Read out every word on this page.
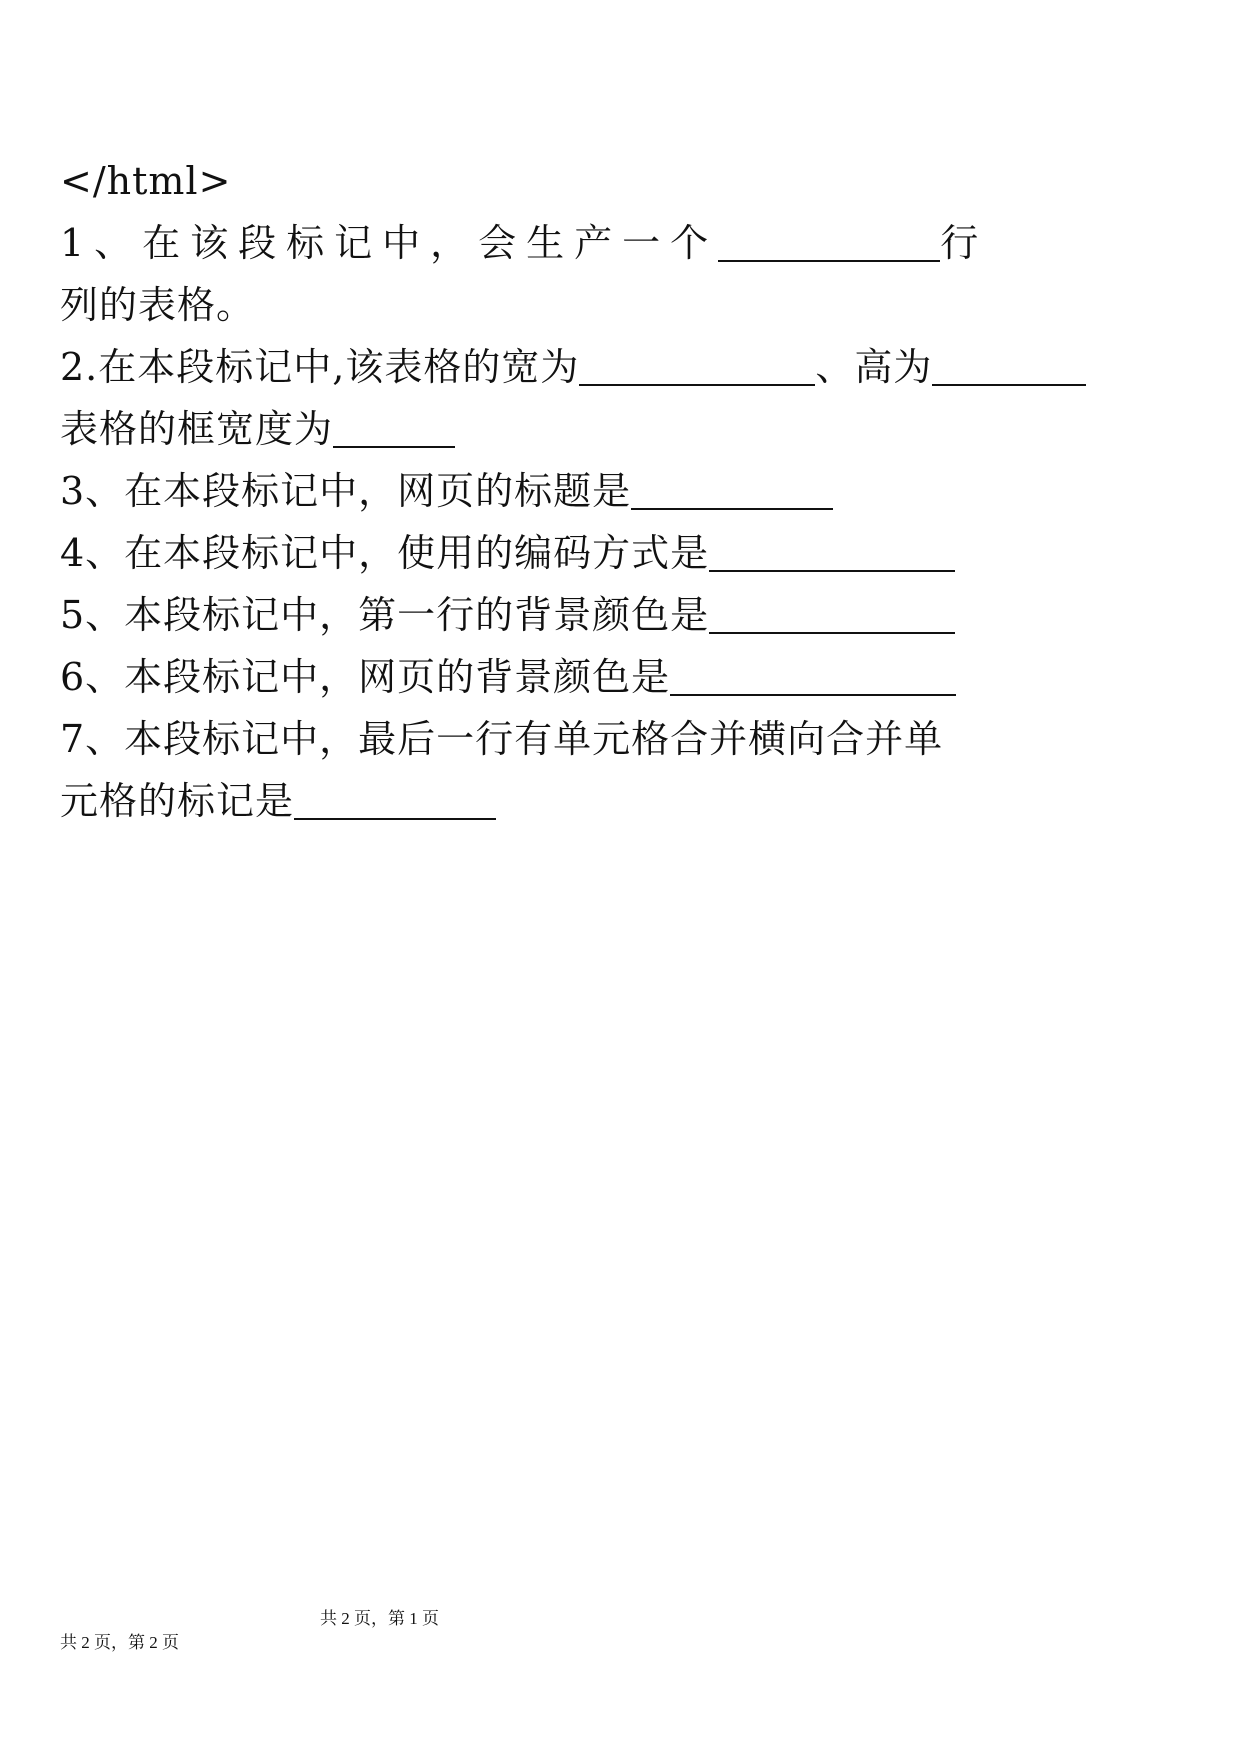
</html>
1、在该段标记中，会生产一个	行
列的表格。
2.在本段标记中,该表格的宽为	、高为
表格的框宽度为
3、在本段标记中，网页的标题是
4、在本段标记中，使用的编码方式是
5、本段标记中，第一行的背景颜色是
6、本段标记中，网页的背景颜色是
7、本段标记中，最后一行有单元格合并横向合并单
元格的标记是
共 2 页，第 1 页
共 2 页，第 2 页
